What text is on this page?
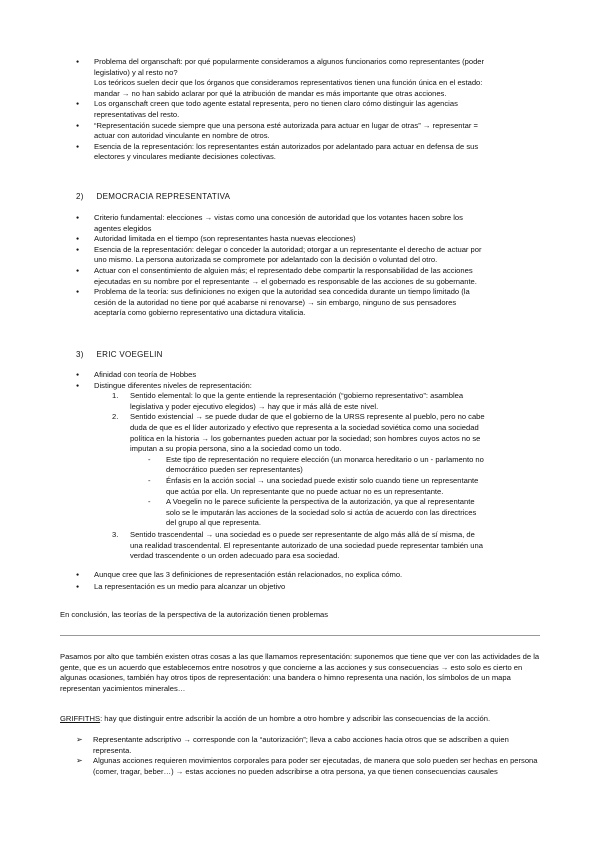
● Problema del organschaft: por qué popularmente consideramos a algunos funcionarios como representantes (poder legislativo) y al resto no?
Los teóricos suelen decir que los órganos que consideramos representativos tienen una función única en el estado: mandar → no han sabido aclarar por qué la atribución de mandar es más importante que otras acciones.
● Los organschaft creen que todo agente estatal representa, pero no tienen claro cómo distinguir las agencias representativas del resto.
● “Representación sucede siempre que una persona esté autorizada para actuar en lugar de otras” → representar = actuar con autoridad vinculante en nombre de otros.
● Esencia de la representación: los representantes están autorizados por adelantado para actuar en defensa de sus electores y vinculares mediante decisiones colectivas.
2) DEMOCRACIA REPRESENTATIVA
● Criterio fundamental: elecciones → vistas como una concesión de autoridad que los votantes hacen sobre los agentes elegidos
● Autoridad limitada en el tiempo (son representantes hasta nuevas elecciones)
● Esencia de la representación: delegar o conceder la autoridad; otorgar a un representante el derecho de actuar por uno mismo. La persona autorizada se compromete por adelantado con la decisión o voluntad del otro.
● Actuar con el consentimiento de alguien más; el representado debe compartir la responsabilidad de las acciones ejecutadas en su nombre por el representante → el gobernado es responsable de las acciones de su gobernante.
● Problema de la teoría: sus definiciones no exigen que la autoridad sea concedida durante un tiempo limitado (la cesión de la autoridad no tiene por qué acabarse ni renovarse) → sin embargo, ninguno de sus pensadores aceptaría como gobierno representativo una dictadura vitalicia.
3) ERIC VOEGELIN
● Afinidad con teoría de Hobbes
● Distingue diferentes niveles de representación:
1. Sentido elemental: lo que la gente entiende la representación (“gobierno representativo”: asamblea legislativa y poder ejecutivo elegidos) → hay que ir más allá de este nivel.
2. Sentido existencial → se puede dudar de que el gobierno de la URSS represente al pueblo, pero no cabe duda de que es el líder autorizado y efectivo que representa a la sociedad soviética como una sociedad política en la historia → los gobernantes pueden actuar por la sociedad; son hombres cuyos actos no se imputan a su propia persona, sino a la sociedad como un todo.
- Este tipo de representación no requiere elección (un monarca hereditario o un - parlamento no democrático pueden ser representantes)
- Énfasis en la acción social → una sociedad puede existir solo cuando tiene un representante que actúa por ella. Un representante que no puede actuar no es un representante.
- A Voegelin no le parece suficiente la perspectiva de la autorización, ya que al representante solo se le imputarán las acciones de la sociedad solo si actúa de acuerdo con las directrices del grupo al que representa.
3. Sentido trascendental → una sociedad es o puede ser representante de algo más allá de sí misma, de una realidad trascendental. El representante autorizado de una sociedad puede representar también una verdad trascendente o un orden adecuado para esa sociedad.
● Aunque cree que las 3 definiciones de representación están relacionados, no explica cómo.
● La representación es un medio para alcanzar un objetivo
En conclusión, las teorías de la perspectiva de la autorización tienen problemas
Pasamos por alto que también existen otras cosas a las que llamamos representación: suponemos que tiene que ver con las actividades de la gente, que es un acuerdo que establecemos entre nosotros y que concierne a las acciones y sus consecuencias → esto solo es cierto en algunas ocasiones, también hay otros tipos de representación: una bandera o himno representa una nación, los símbolos de un mapa representan yacimientos minerales…
GRIFFITHS: hay que distinguir entre adscribir la acción de un hombre a otro hombre y adscribir las consecuencias de la acción.
➢ Representante adscriptivo → corresponde con la “autorización”; lleva a cabo acciones hacia otros que se adscriben a quien representa.
➢ Algunas acciones requieren movimientos corporales para poder ser ejecutadas, de manera que solo pueden ser hechas en persona (comer, tragar, beber…) → estas acciones no pueden adscribirse a otra persona, ya que tienen consecuencias causales
